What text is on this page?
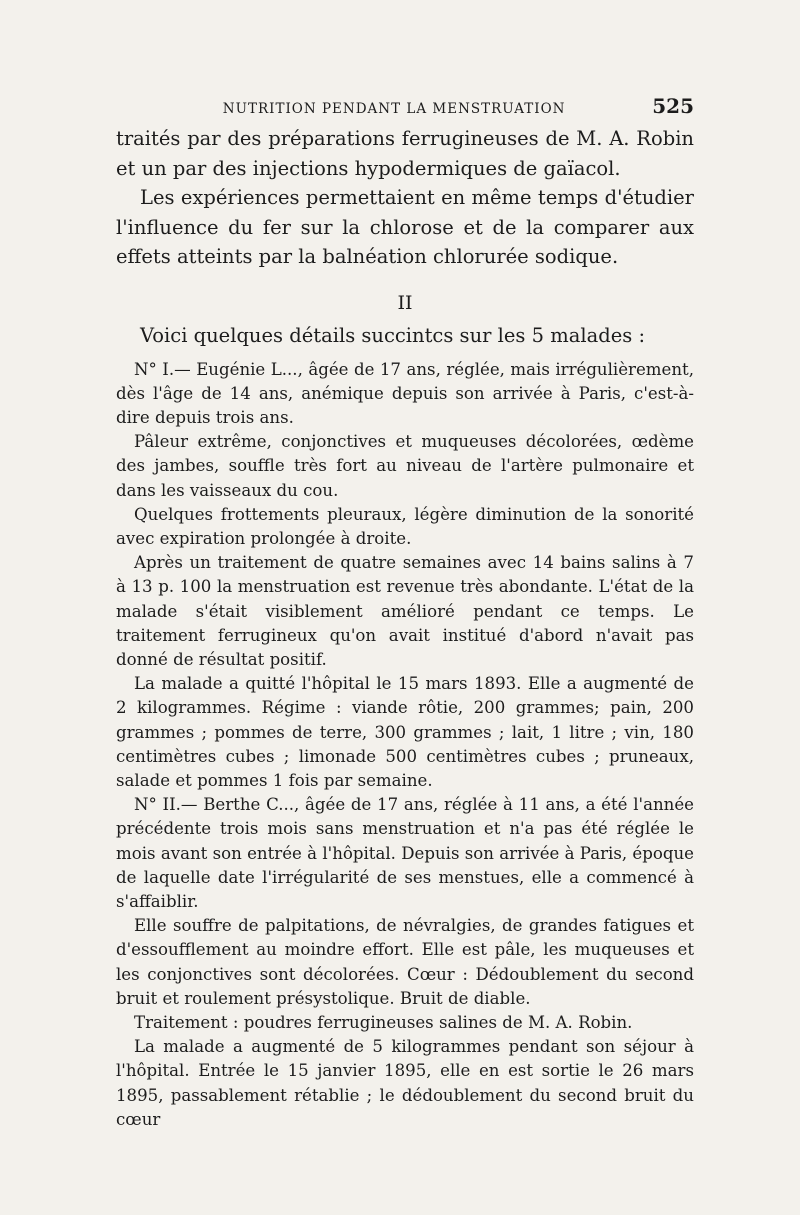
NUTRITION PENDANT LA MENSTRUATION	525

traités par des préparations ferrugineuses de M. A. Robin et un par des injections hypodermiques de gaïacol.

Les expériences permettaient en même temps d'étudier l'influence du fer sur la chlorose et de la comparer aux effets atteints par la balnéation chlorurée sodique.

II

Voici quelques détails succintcs sur les 5 malades :

N° I.— Eugénie L..., âgée de 17 ans, réglée, mais irrégulièrement, dès l'âge de 14 ans, anémique depuis son arrivée à Paris, c'est-à-dire depuis trois ans.

Pâleur extrême, conjonctives et muqueuses décolorées, œdème des jambes, souffle très fort au niveau de l'artère pulmonaire et dans les vaisseaux du cou.

Quelques frottements pleuraux, légère diminution de la sonorité avec expiration prolongée à droite.

Après un traitement de quatre semaines avec 14 bains salins à 7 à 13 p. 100 la menstruation est revenue très abondante. L'état de la malade s'était visiblement amélioré pendant ce temps. Le traitement ferrugineux qu'on avait institué d'abord n'avait pas donné de résultat positif.

La malade a quitté l'hôpital le 15 mars 1893. Elle a augmenté de 2 kilogrammes. Régime : viande rôtie, 200 grammes; pain, 200 grammes ; pommes de terre, 300 grammes ; lait, 1 litre ; vin, 180 centimètres cubes ; limonade 500 centimètres cubes ; pruneaux, salade et pommes 1 fois par semaine.

N° II.— Berthe C..., âgée de 17 ans, réglée à 11 ans, a été l'année précédente trois mois sans menstruation et n'a pas été réglée le mois avant son entrée à l'hôpital. Depuis son arrivée à Paris, époque de laquelle date l'irrégularité de ses menstues, elle a commencé à s'affaiblir.

Elle souffre de palpitations, de névralgies, de grandes fatigues et d'essoufflement au moindre effort. Elle est pâle, les muqueuses et les conjonctives sont décolorées. Cœur : Dédoublement du second bruit et roulement présystolique. Bruit de diable.

Traitement : poudres ferrugineuses salines de M. A. Robin.

La malade a augmenté de 5 kilogrammes pendant son séjour à l'hôpital. Entrée le 15 janvier 1895, elle en est sortie le 26 mars 1895, passablement rétablie ; le dédoublement du second bruit du cœur
